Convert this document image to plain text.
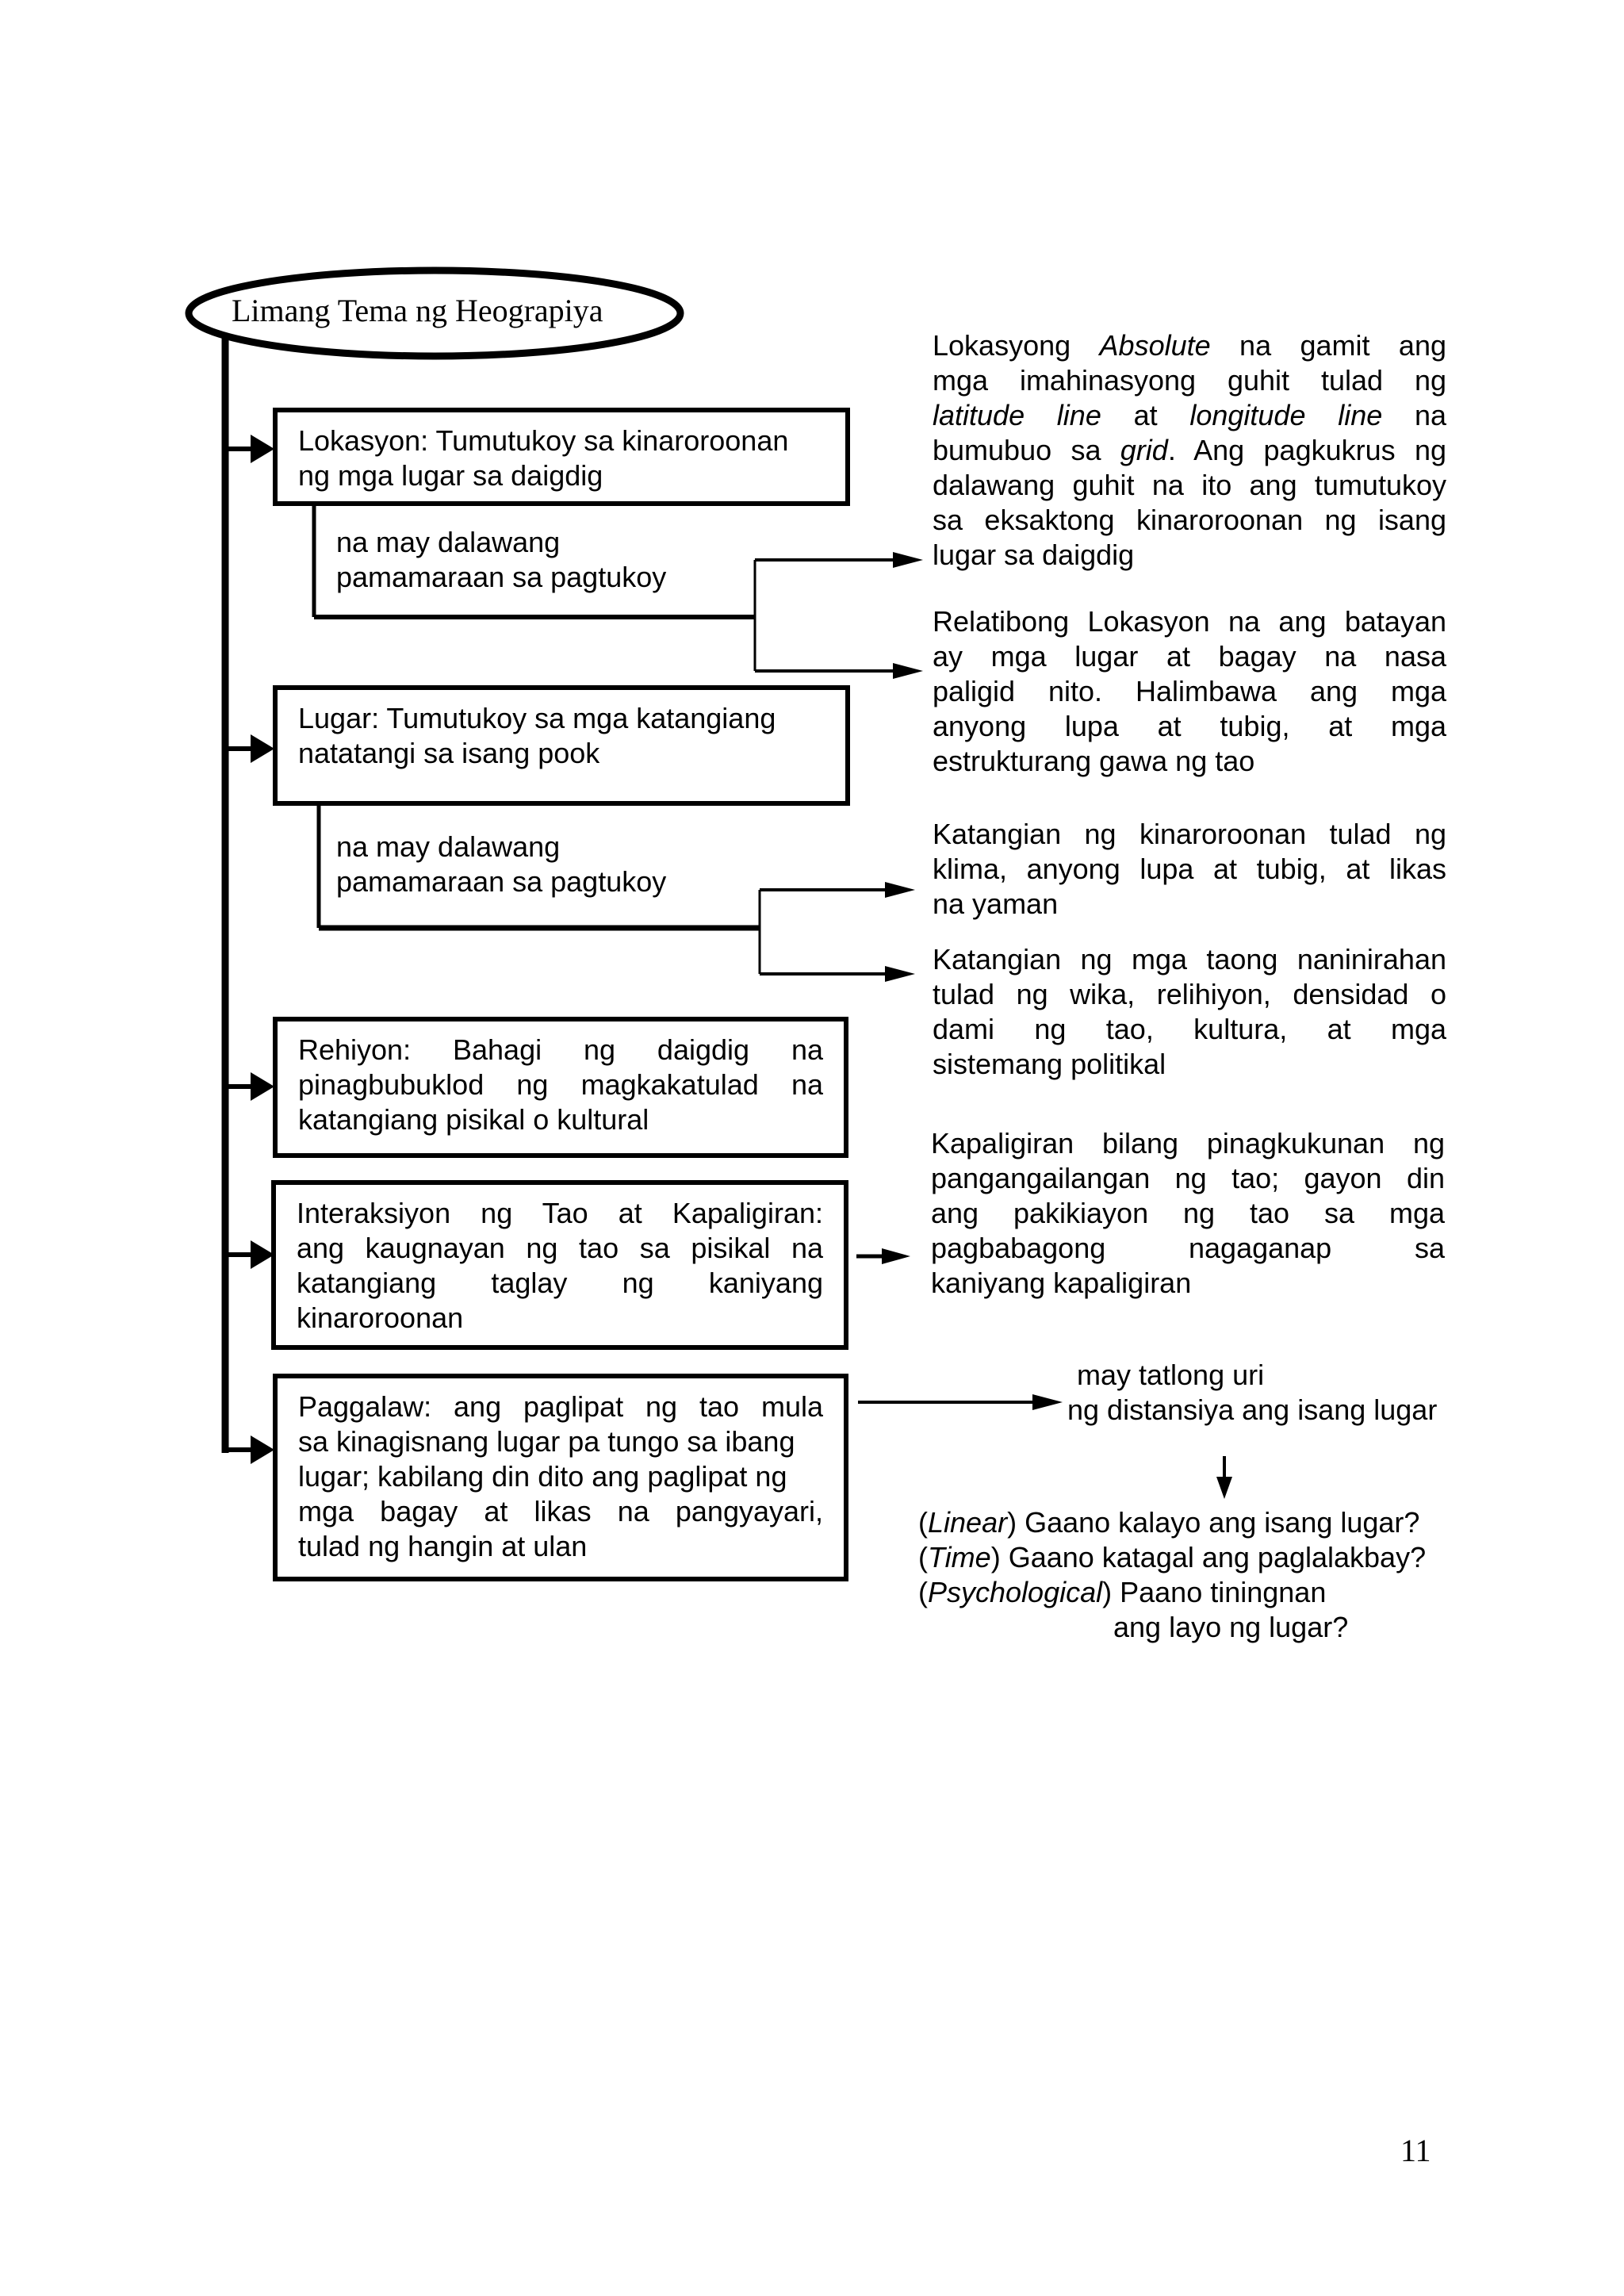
Limang Tema ng Heograpiya
Lokasyon: Tumutukoy sa kinaroroonan
ng mga lugar sa daigdig
na may dalawang
pamamaraan sa pagtukoy
Lugar: Tumutukoy sa mga katangiang
natatangi sa isang pook
na may dalawang
pamamaraan sa pagtukoy
Rehiyon: Bahagi ng daigdig na
pinagbubuklod ng magkakatulad na
katangiang pisikal o kultural
Interaksiyon ng Tao at Kapaligiran:
ang kaugnayan ng tao sa pisikal na
katangiang taglay ng kaniyang
kinaroroonan
Paggalaw: ang paglipat ng tao mula
sa kinagisnang lugar pa tungo sa ibang
lugar; kabilang din dito ang paglipat ng
mga bagay at likas na pangyayari,
tulad ng hangin at ulan
Lokasyong Absolute na gamit ang
mga imahinasyong guhit tulad ng
latitude line at longitude line na
bumubuo sa grid. Ang pagkukrus ng
dalawang guhit na ito ang tumutukoy
sa eksaktong kinaroroonan ng isang
lugar sa daigdig
Relatibong Lokasyon na ang batayan
ay mga lugar at bagay na nasa
paligid nito. Halimbawa ang mga
anyong lupa at tubig, at mga
estrukturang gawa ng tao
Katangian ng kinaroroonan tulad ng
klima, anyong lupa at tubig, at likas
na yaman
Katangian ng mga taong naninirahan
tulad ng wika, relihiyon, densidad o
dami ng tao, kultura, at mga
sistemang politikal
Kapaligiran bilang pinagkukunan ng
pangangailangan ng tao; gayon din
ang pakikiayon ng tao sa mga
pagbabagong nagaganap sa
kaniyang kapaligiran
may tatlong uri
ng distansiya ang isang lugar
(Linear) Gaano kalayo ang isang lugar?
(Time) Gaano katagal ang paglalakbay?
(Psychological) Paano tiningnan
ang layo ng lugar?
11
